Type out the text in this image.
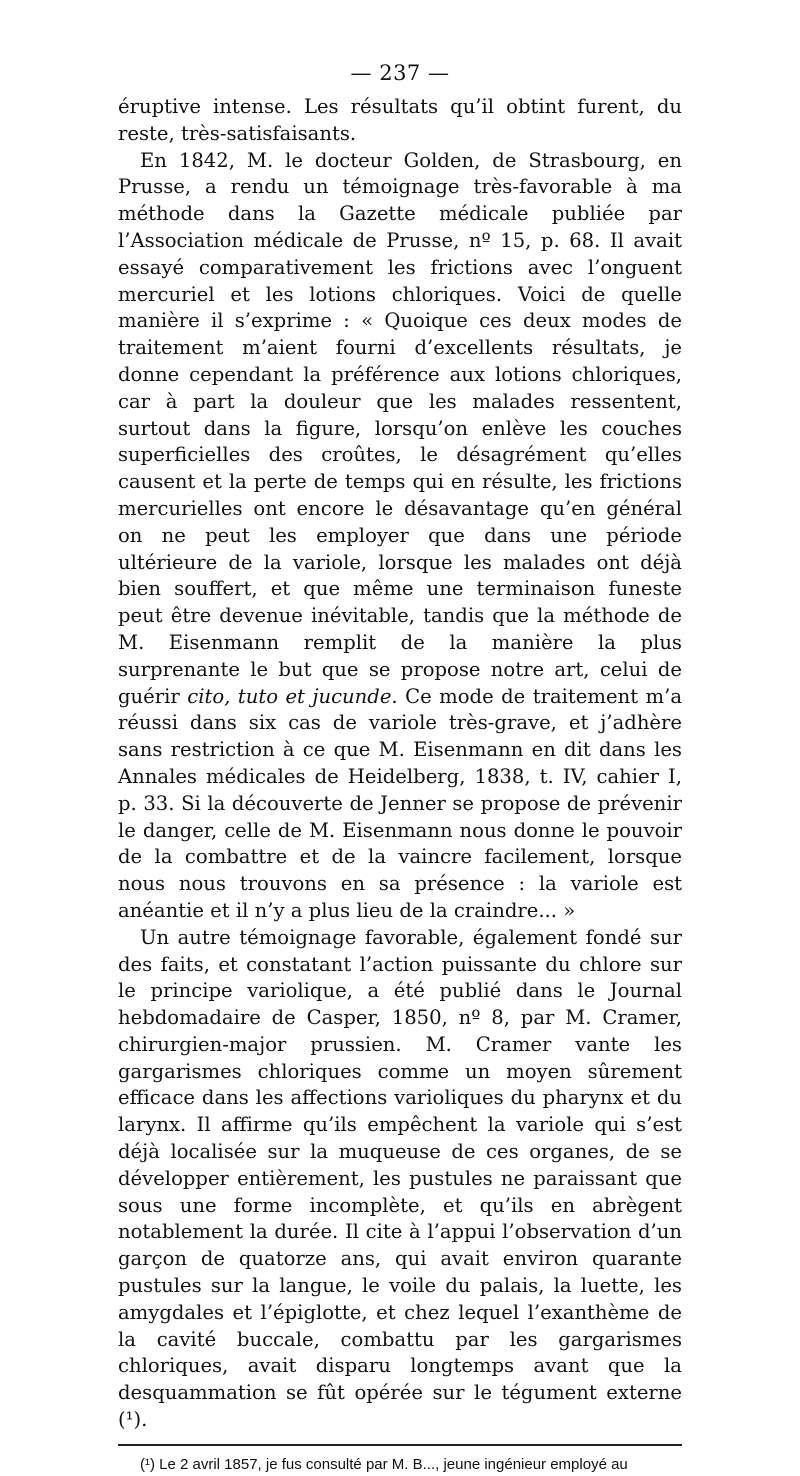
— 237 —

éruptive intense. Les résultats qu’il obtint furent, du reste, très-satisfaisants.

En 1842, M. le docteur Golden, de Strasbourg, en Prusse, a rendu un témoignage très-favorable à ma méthode dans la Gazette médicale publiée par l’Association médicale de Prusse, nº 15, p. 68. Il avait essayé comparativement les frictions avec l’onguent mercuriel et les lotions chloriques. Voici de quelle manière il s’exprime : « Quoique ces deux modes de traitement m’aient fourni d’excellents résultats, je donne cependant la préférence aux lotions chloriques, car à part la douleur que les malades ressentent, surtout dans la figure, lorsqu’on enlève les couches superficielles des croûtes, le désagrément qu’elles causent et la perte de temps qui en résulte, les frictions mercurielles ont encore le désavantage qu’en général on ne peut les employer que dans une période ultérieure de la variole, lorsque les malades ont déjà bien souffert, et que même une terminaison funeste peut être devenue inévitable, tandis que la méthode de M. Eisenmann remplit de la manière la plus surprenante le but que se propose notre art, celui de guérir cito, tuto et jucunde. Ce mode de traitement m’a réussi dans six cas de variole très-grave, et j’adhère sans restriction à ce que M. Eisenmann en dit dans les Annales médicales de Heidelberg, 1838, t. IV, cahier I, p. 33. Si la découverte de Jenner se propose de prévenir le danger, celle de M. Eisenmann nous donne le pouvoir de la combattre et de la vaincre facilement, lorsque nous nous trouvons en sa présence : la variole est anéantie et il n’y a plus lieu de la craindre... »

Un autre témoignage favorable, également fondé sur des faits, et constatant l’action puissante du chlore sur le principe variolique, a été publié dans le Journal hebdomadaire de Casper, 1850, nº 8, par M. Cramer, chirurgien-major prussien. M. Cramer vante les gargarismes chloriques comme un moyen sûrement efficace dans les affections varioliques du pharynx et du larynx. Il affirme qu’ils empêchent la variole qui s’est déjà localisée sur la muqueuse de ces organes, de se développer entièrement, les pustules ne paraissant que sous une forme incomplète, et qu’ils en abrègent notablement la durée. Il cite à l’appui l’observation d’un garçon de quatorze ans, qui avait environ quarante pustules sur la langue, le voile du palais, la luette, les amygdales et l’épiglotte, et chez lequel l’exanthème de la cavité buccale, combattu par les gargarismes chloriques, avait disparu longtemps avant que la desquammation se fût opérée sur le tégument externe (¹).

(¹) Le 2 avril 1857, je fus consulté par M. B..., jeune ingénieur employé au
